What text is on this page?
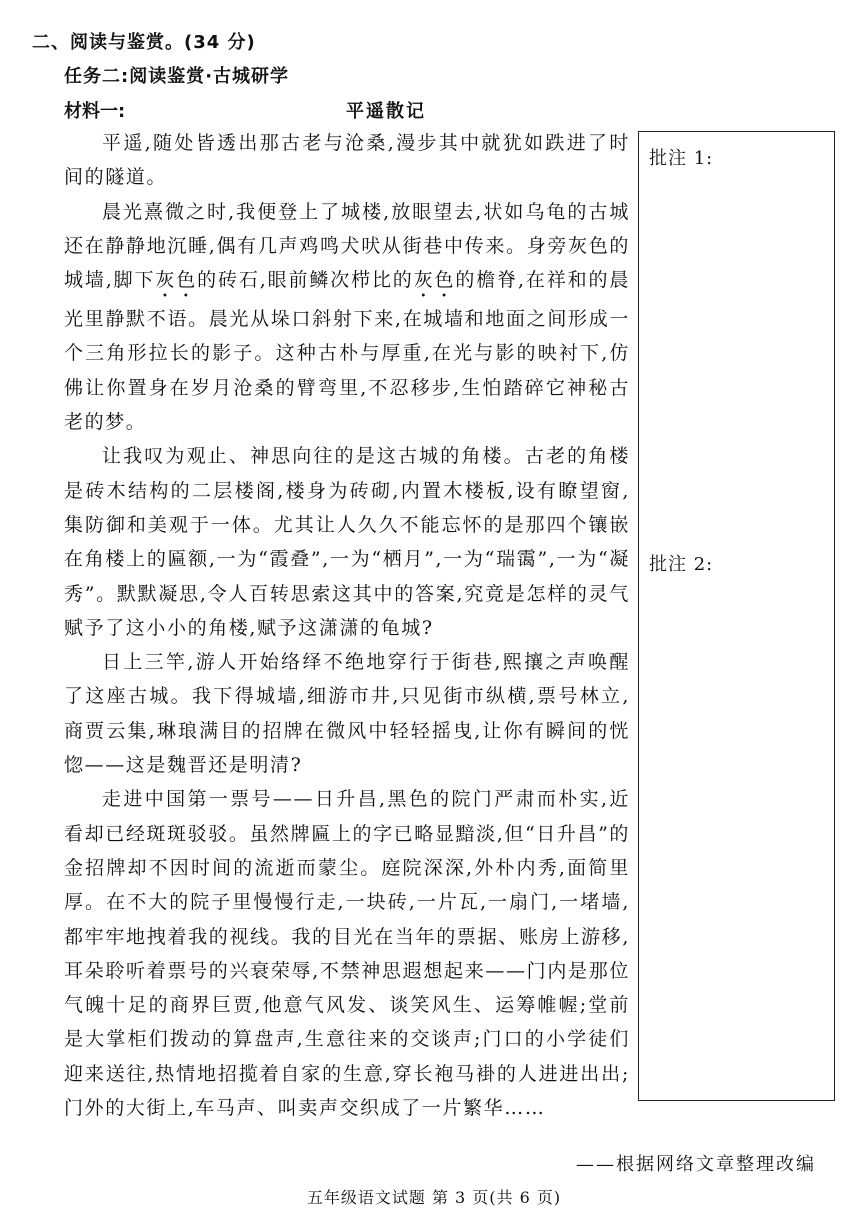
二、阅读与鉴赏。(34 分)
任务二:阅读鉴赏·古城研学
材料一:	平遥散记

平遥,随处皆透出那古老与沧桑,漫步其中就犹如跌进了时间的隧道。

晨光熹微之时,我便登上了城楼,放眼望去,状如乌龟的古城还在静静地沉睡,偶有几声鸡鸣犬吠从街巷中传来。身旁灰色的城墙,脚下灰色的砖石,眼前鳞次栉比的灰色的檐脊,在祥和的晨光里静默不语。晨光从垛口斜射下来,在城墙和地面之间形成一个三角形拉长的影子。这种古朴与厚重,在光与影的映衬下,仿佛让你置身在岁月沧桑的臂弯里,不忍移步,生怕踏碎它神秘古老的梦。

让我叹为观止、神思向往的是这古城的角楼。古老的角楼是砖木结构的二层楼阁,楼身为砖砌,内置木楼板,设有瞭望窗,集防御和美观于一体。尤其让人久久不能忘怀的是那四个镶嵌在角楼上的匾额,一为“霞叠”,一为“栖月”,一为“瑞霭”,一为“凝秀”。默默凝思,令人百转思索这其中的答案,究竟是怎样的灵气赋予了这小小的角楼,赋予这潇潇的龟城?

日上三竿,游人开始络绎不绝地穿行于街巷,熙攘之声唤醒了这座古城。我下得城墙,细游市井,只见街市纵横,票号林立,商贾云集,琳琅满目的招牌在微风中轻轻摇曳,让你有瞬间的恍惚——这是魏晋还是明清?

走进中国第一票号——日升昌,黑色的院门严肃而朴实,近看却已经斑斑驳驳。虽然牌匾上的字已略显黯淡,但“日升昌”的金招牌却不因时间的流逝而蒙尘。庭院深深,外朴内秀,面简里厚。在不大的院子里慢慢行走,一块砖,一片瓦,一扇门,一堵墙,都牢牢地拽着我的视线。我的目光在当年的票据、账房上游移,耳朵聆听着票号的兴衰荣辱,不禁神思遐想起来——门内是那位气魄十足的商界巨贾,他意气风发、谈笑风生、运筹帷幄;堂前是大掌柜们拨动的算盘声,生意往来的交谈声;门口的小学徒们迎来送往,热情地招揽着自家的生意,穿长袍马褂的人进进出出;门外的大街上,车马声、叫卖声交织成了一片繁华……

批注 1:
批注 2:
——根据网络文章整理改编
五年级语文试题 第 3 页(共 6 页)
